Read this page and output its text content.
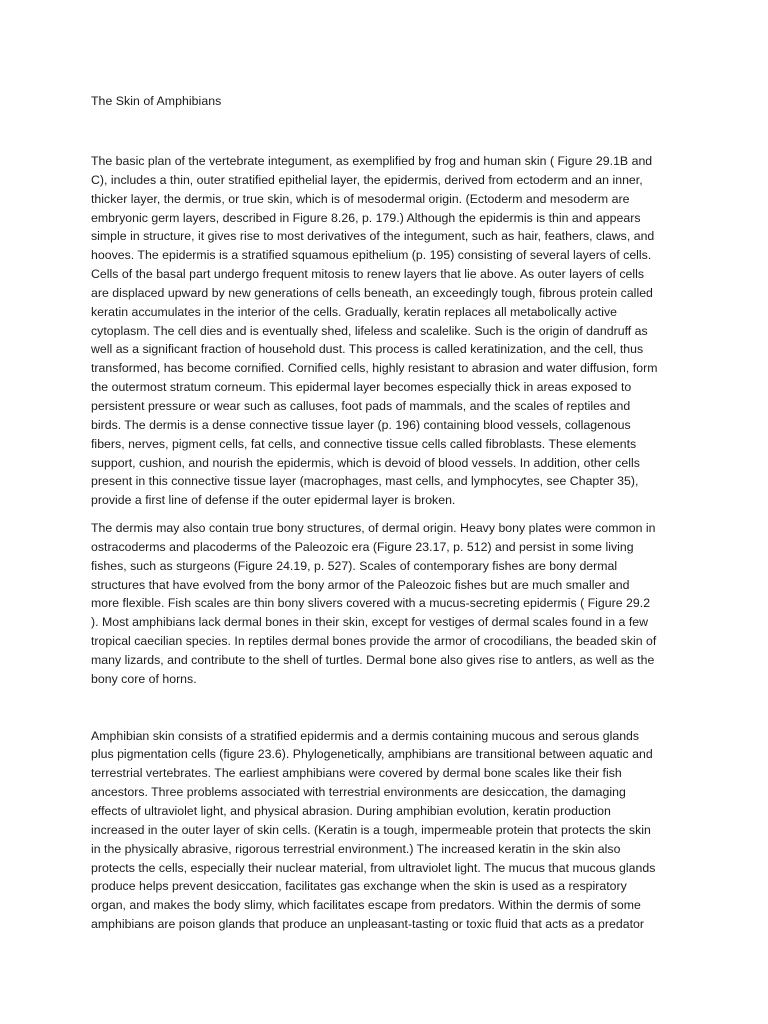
The Skin of Amphibians

The basic plan of the vertebrate integument, as exemplified by frog and human skin ( Figure 29.1B and C), includes a thin, outer stratified epithelial layer, the epidermis, derived from ectoderm and an inner, thicker layer, the dermis, or true skin, which is of mesodermal origin. (Ectoderm and mesoderm are embryonic germ layers, described in Figure 8.26, p. 179.) Although the epidermis is thin and appears simple in structure, it gives rise to most derivatives of the integument, such as hair, feathers, claws, and hooves. The epidermis is a stratified squamous epithelium (p. 195) consisting of several layers of cells. Cells of the basal part undergo frequent mitosis to renew layers that lie above. As outer layers of cells are displaced upward by new generations of cells beneath, an exceedingly tough, fibrous protein called keratin accumulates in the interior of the cells. Gradually, keratin replaces all metabolically active cytoplasm. The cell dies and is eventually shed, lifeless and scalelike. Such is the origin of dandruff as well as a significant fraction of household dust. This process is called keratinization, and the cell, thus transformed, has become cornified. Cornified cells, highly resistant to abrasion and water diffusion, form the outermost stratum corneum. This epidermal layer becomes especially thick in areas exposed to persistent pressure or wear such as calluses, foot pads of mammals, and the scales of reptiles and birds. The dermis is a dense connective tissue layer (p. 196) containing blood vessels, collagenous fibers, nerves, pigment cells, fat cells, and connective tissue cells called fibroblasts. These elements support, cushion, and nourish the epidermis, which is devoid of blood vessels. In addition, other cells present in this connective tissue layer (macrophages, mast cells, and lymphocytes, see Chapter 35), provide a first line of defense if the outer epidermal layer is broken.

The dermis may also contain true bony structures, of dermal origin. Heavy bony plates were common in ostracoderms and placoderms of the Paleozoic era (Figure 23.17, p. 512) and persist in some living fishes, such as sturgeons (Figure 24.19, p. 527). Scales of contemporary fishes are bony dermal structures that have evolved from the bony armor of the Paleozoic fishes but are much smaller and more flexible. Fish scales are thin bony slivers covered with a mucus-secreting epidermis ( Figure 29.2 ). Most amphibians lack dermal bones in their skin, except for vestiges of dermal scales found in a few tropical caecilian species. In reptiles dermal bones provide the armor of crocodilians, the beaded skin of many lizards, and contribute to the shell of turtles. Dermal bone also gives rise to antlers, as well as the bony core of horns.

Amphibian skin consists of a stratified epidermis and a dermis containing mucous and serous glands plus pigmentation cells (figure 23.6). Phylogenetically, amphibians are transitional between aquatic and terrestrial vertebrates. The earliest amphibians were covered by dermal bone scales like their fish ancestors. Three problems associated with terrestrial environments are desiccation, the damaging effects of ultraviolet light, and physical abrasion. During amphibian evolution, keratin production increased in the outer layer of skin cells. (Keratin is a tough, impermeable protein that protects the skin in the physically abrasive, rigorous terrestrial environment.) The increased keratin in the skin also protects the cells, especially their nuclear material, from ultraviolet light. The mucus that mucous glands produce helps prevent desiccation, facilitates gas exchange when the skin is used as a respiratory organ, and makes the body slimy, which facilitates escape from predators. Within the dermis of some amphibians are poison glands that produce an unpleasant-tasting or toxic fluid that acts as a predator
